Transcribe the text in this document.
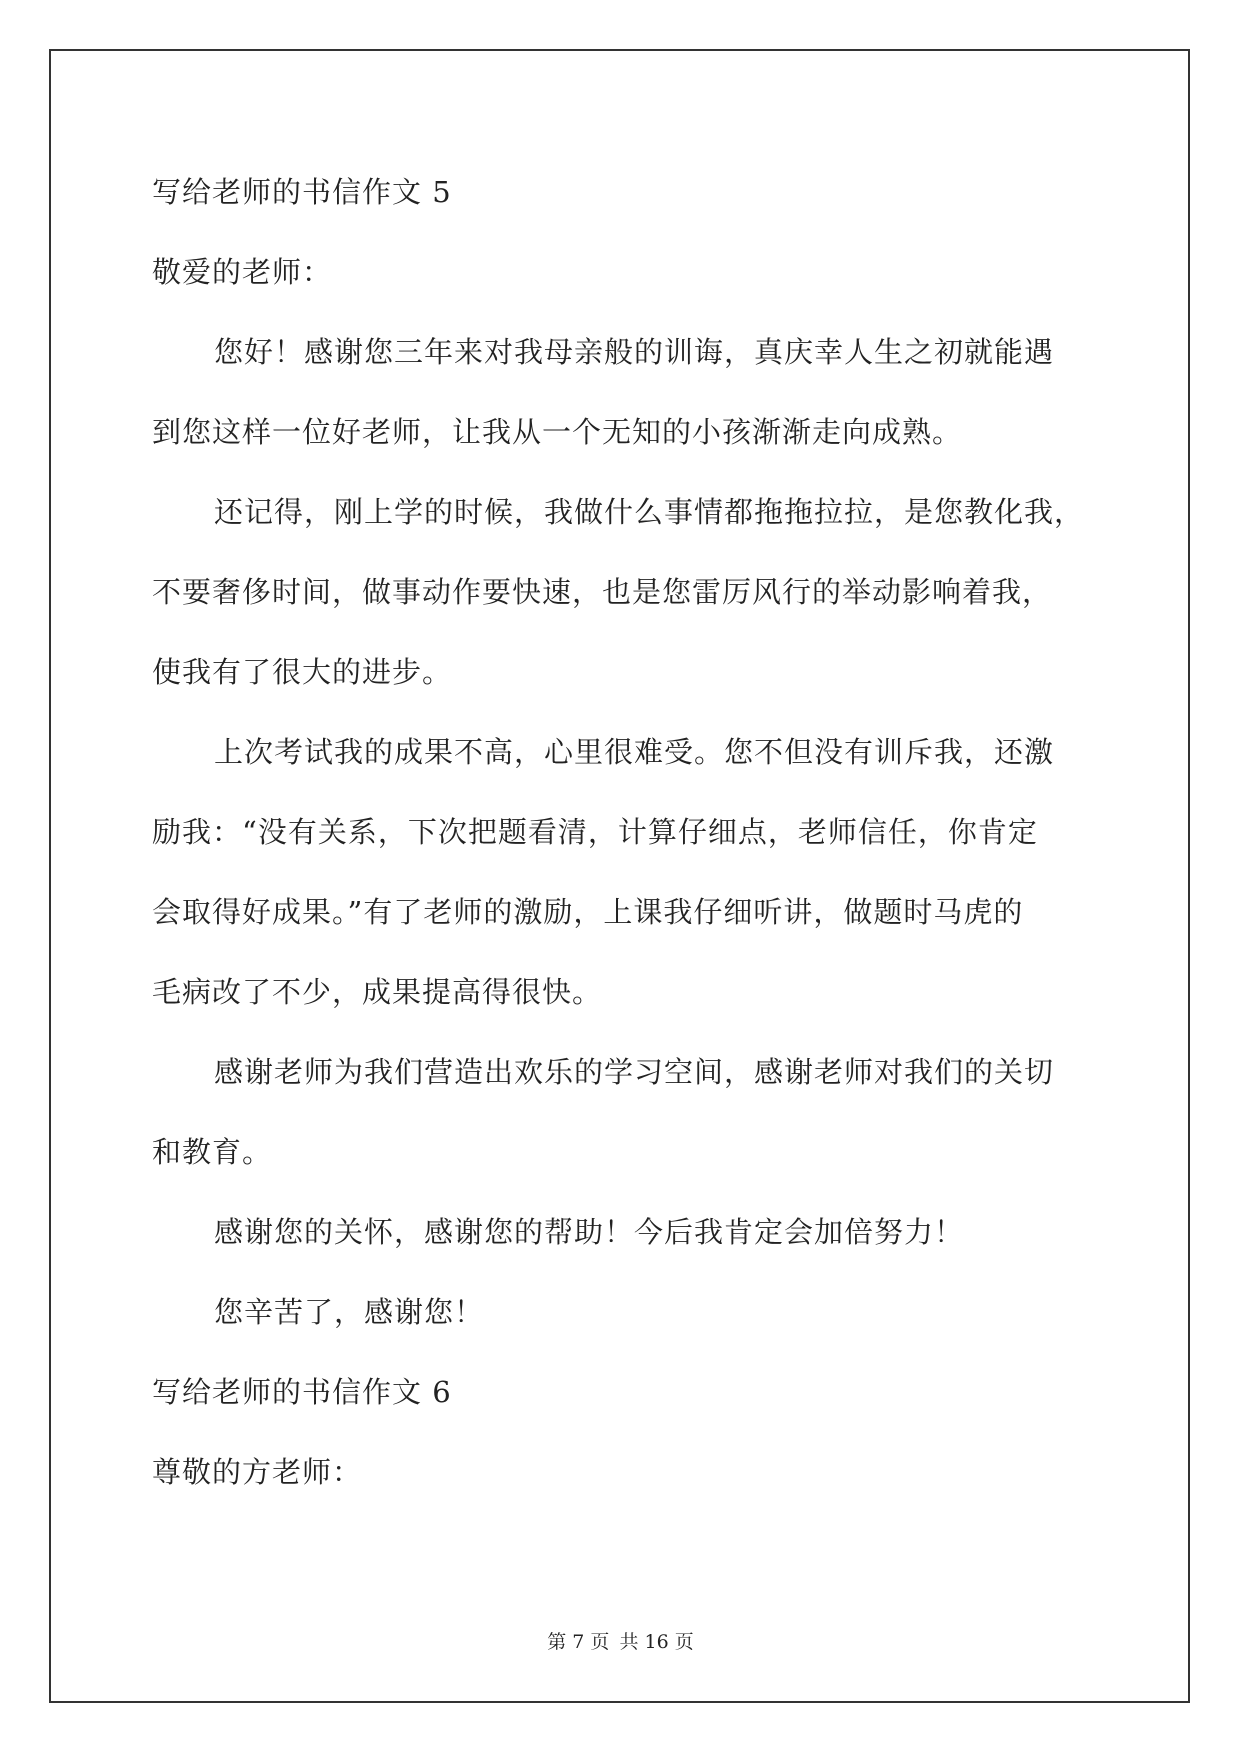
写给老师的书信作文 5
敬爱的老师：
您好！感谢您三年来对我母亲般的训诲，真庆幸人生之初就能遇
到您这样一位好老师，让我从一个无知的小孩渐渐走向成熟。
还记得，刚上学的时候，我做什么事情都拖拖拉拉，是您教化我，
不要奢侈时间，做事动作要快速，也是您雷厉风行的举动影响着我，
使我有了很大的进步。
上次考试我的成果不高，心里很难受。您不但没有训斥我，还激
励我：“没有关系，下次把题看清，计算仔细点，老师信任，你肯定
会取得好成果。”有了老师的激励，上课我仔细听讲，做题时马虎的
毛病改了不少，成果提高得很快。
感谢老师为我们营造出欢乐的学习空间，感谢老师对我们的关切
和教育。
感谢您的关怀，感谢您的帮助！今后我肯定会加倍努力！
您辛苦了，感谢您！
写给老师的书信作文 6
尊敬的方老师：
第 7 页 共 16 页
